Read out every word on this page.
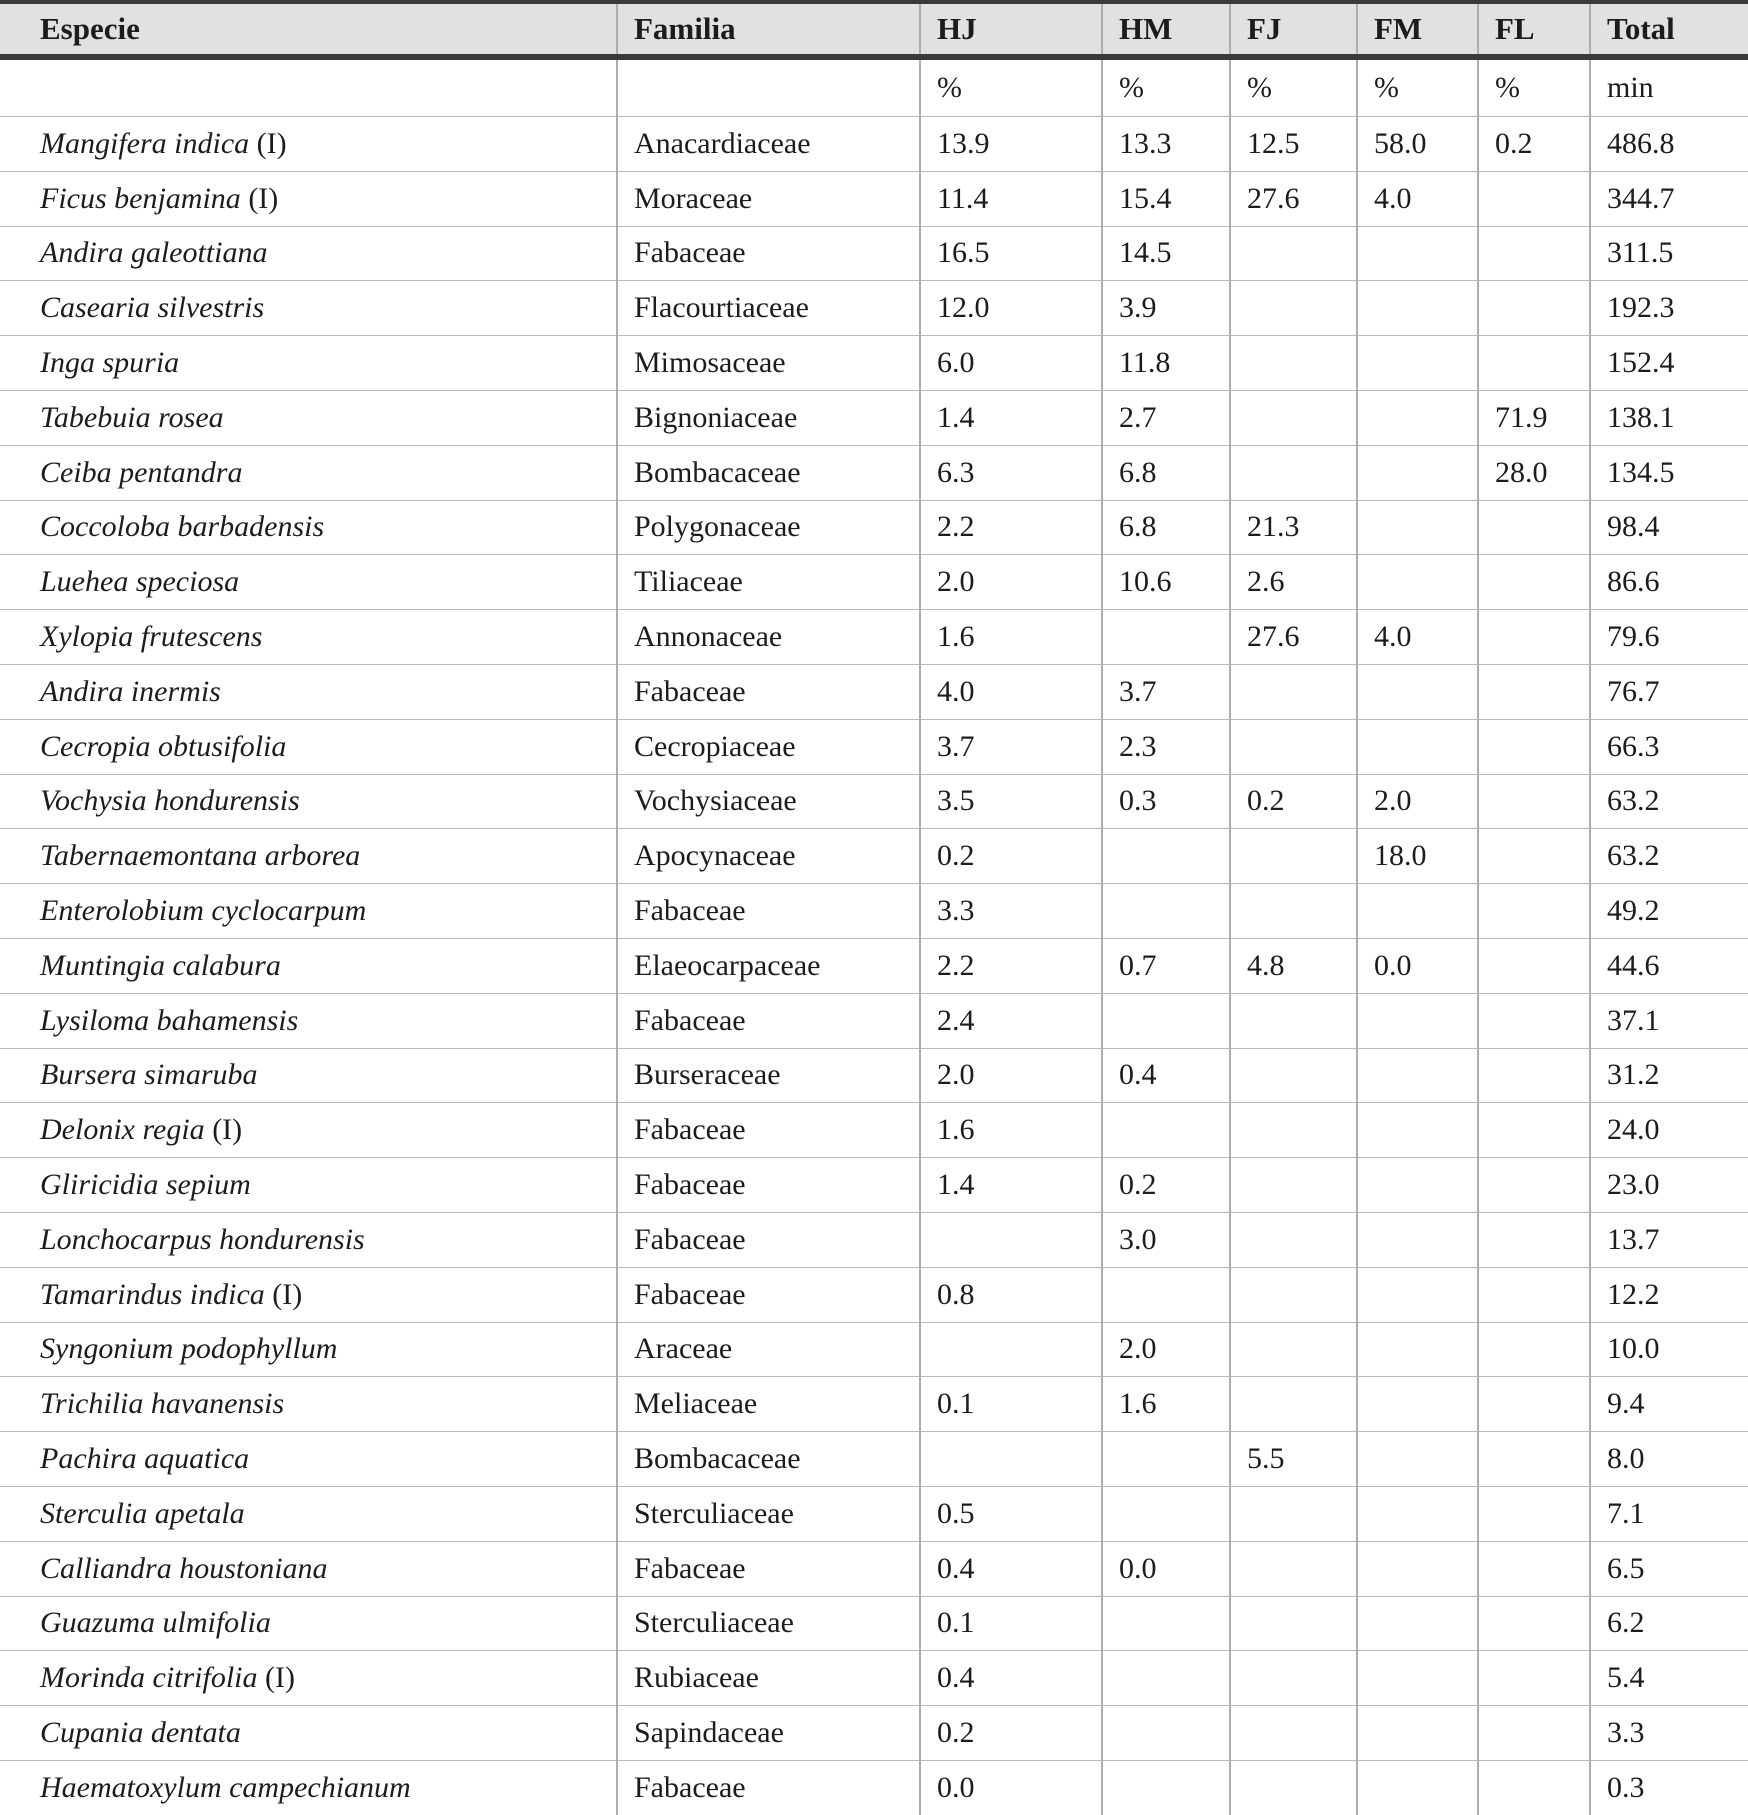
Especie	Familia	HJ	HM	FJ	FM	FL	Total
		%	%	%	%	%	min
Mangifera indica (I)	Anacardiaceae	13.9	13.3	12.5	58.0	0.2	486.8
Ficus benjamina (I)	Moraceae	11.4	15.4	27.6	4.0		344.7
Andira galeottiana	Fabaceae	16.5	14.5				311.5
Casearia silvestris	Flacourtiaceae	12.0	3.9				192.3
Inga spuria	Mimosaceae	6.0	11.8				152.4
Tabebuia rosea	Bignoniaceae	1.4	2.7			71.9	138.1
Ceiba pentandra	Bombacaceae	6.3	6.8			28.0	134.5
Coccoloba barbadensis	Polygonaceae	2.2	6.8	21.3			98.4
Luehea speciosa	Tiliaceae	2.0	10.6	2.6			86.6
Xylopia frutescens	Annonaceae	1.6		27.6	4.0		79.6
Andira inermis	Fabaceae	4.0	3.7				76.7
Cecropia obtusifolia	Cecropiaceae	3.7	2.3				66.3
Vochysia hondurensis	Vochysiaceae	3.5	0.3	0.2	2.0		63.2
Tabernaemontana arborea	Apocynaceae	0.2			18.0		63.2
Enterolobium cyclocarpum	Fabaceae	3.3					49.2
Muntingia calabura	Elaeocarpaceae	2.2	0.7	4.8	0.0		44.6
Lysiloma bahamensis	Fabaceae	2.4					37.1
Bursera simaruba	Burseraceae	2.0	0.4				31.2
Delonix regia (I)	Fabaceae	1.6					24.0
Gliricidia sepium	Fabaceae	1.4	0.2				23.0
Lonchocarpus hondurensis	Fabaceae		3.0				13.7
Tamarindus indica (I)	Fabaceae	0.8					12.2
Syngonium podophyllum	Araceae		2.0				10.0
Trichilia havanensis	Meliaceae	0.1	1.6				9.4
Pachira aquatica	Bombacaceae			5.5			8.0
Sterculia apetala	Sterculiaceae	0.5					7.1
Calliandra houstoniana	Fabaceae	0.4	0.0				6.5
Guazuma ulmifolia	Sterculiaceae	0.1					6.2
Morinda citrifolia (I)	Rubiaceae	0.4					5.4
Cupania dentata	Sapindaceae	0.2					3.3
Haematoxylum campechianum	Fabaceae	0.0					0.3
